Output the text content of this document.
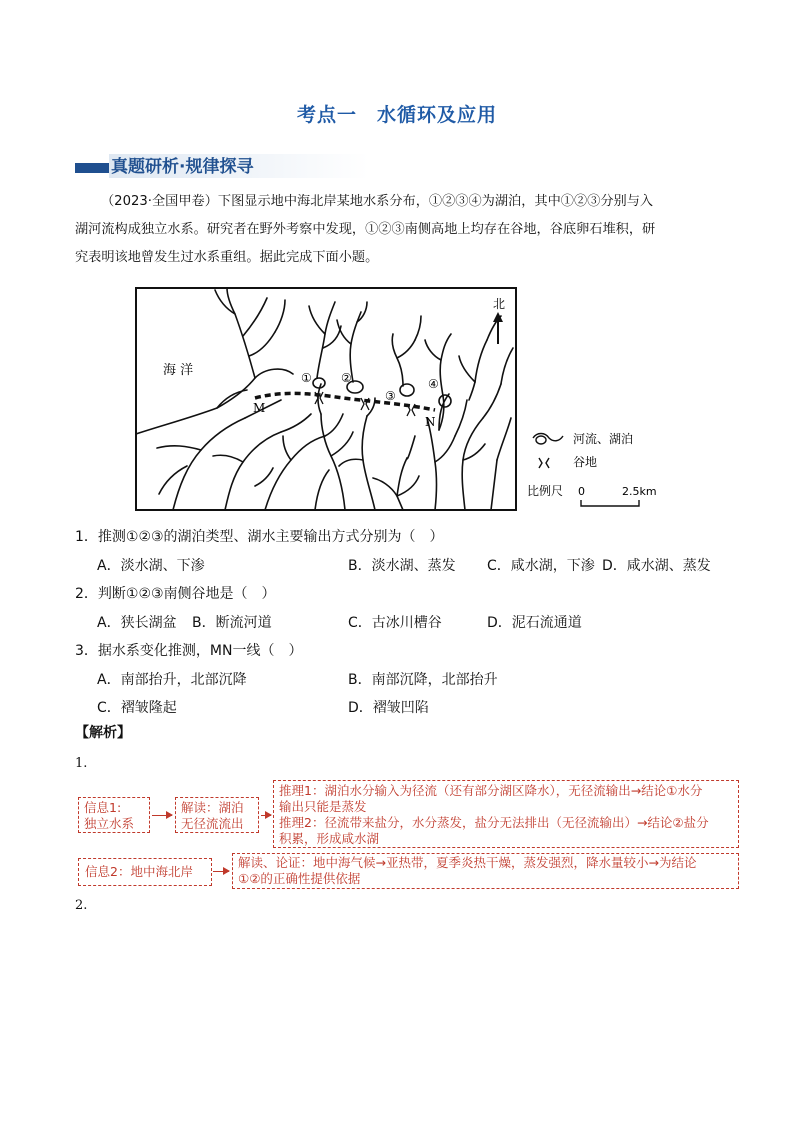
考点一　水循环及应用
真题研析·规律探寻
（2023·全国甲卷）下图显示地中海北岸某地水系分布，①②③④为湖泊，其中①②③分别与入
湖河流构成独立水系。研究者在野外考察中发现，①②③南侧高地上均存在谷地，谷底卵石堆积，研
究表明该地曾发生过水系重组。据此完成下面小题。
海 洋
M
N
① ②
③
④
北
河流、湖泊
谷地
比例尺 0	2.5km
1．推测①②③的湖泊类型、湖水主要输出方式分别为（　）
A．淡水湖、下渗	B．淡水湖、蒸发 C．咸水湖，下渗 D．咸水湖、蒸发
2．判断①②③南侧谷地是（　）
A．狭长湖盆 B．断流河道	C．古冰川槽谷	D．泥石流通道
3．据水系变化推测，MN一线（　）
A．南部抬升，北部沉降	B．南部沉降，北部抬升
C．褶皱隆起	D．褶皱凹陷
【解析】
1.
信息1:
独立水系
解读：湖泊
无径流流出
推理1：湖泊水分输入为径流（还有部分湖区降水），无径流输出→结论①水分
输出只能是蒸发
推理2：径流带来盐分，水分蒸发，盐分无法排出（无径流输出）→结论②盐分
积累，形成咸水湖
信息2：地中海北岸
解读、论证：地中海气候→亚热带，夏季炎热干燥，蒸发强烈，降水量较小→为结论
①②的正确性提供依据
2.
